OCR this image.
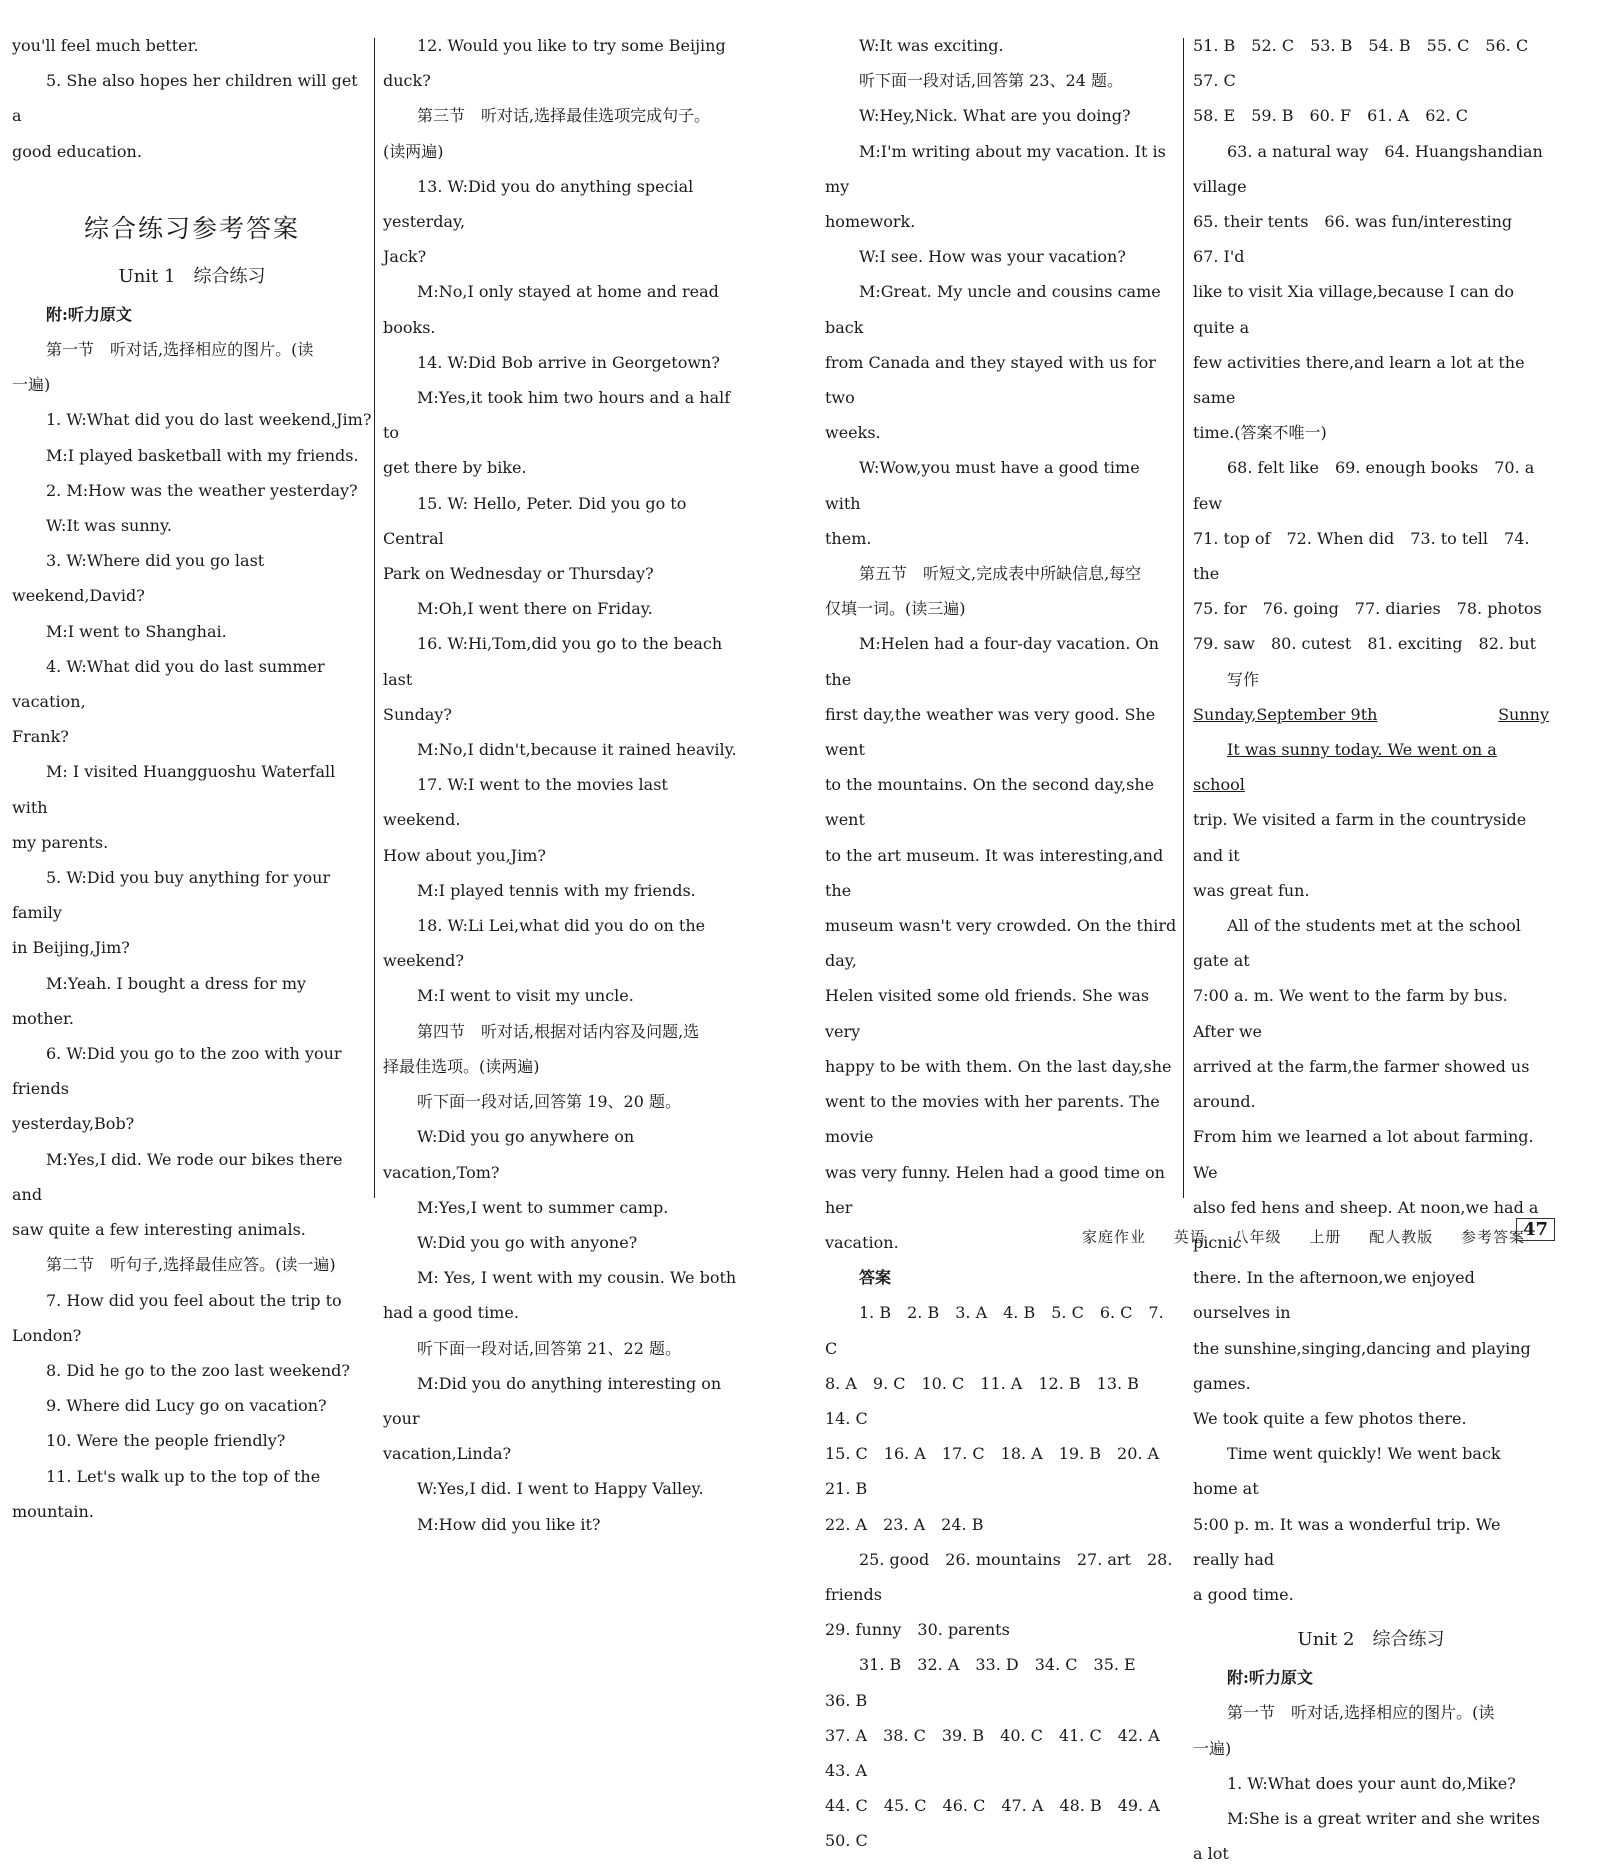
you'll feel much better.

5. She also hopes her children will get a

good education.

综合练习参考答案

Unit 1　综合练习

附:听力原文

第一节　听对话,选择相应的图片。(读

一遍)

1. W:What did you do last weekend,Jim?

M:I played basketball with my friends.

2. M:How was the weather yesterday?

W:It was sunny.

3. W:Where did you go last weekend,David?

M:I went to Shanghai.

4. W:What did you do last summer vacation,

Frank?

M: I visited Huangguoshu Waterfall with

my parents.

5. W:Did you buy anything for your family

in Beijing,Jim?

M:Yeah. I bought a dress for my mother.

6. W:Did you go to the zoo with your friends

yesterday,Bob?

M:Yes,I did. We rode our bikes there and

saw quite a few interesting animals.

第二节　听句子,选择最佳应答。(读一遍)

7. How did you feel about the trip to London?

8. Did he go to the zoo last weekend?

9. Where did Lucy go on vacation?

10. Were the people friendly?

11. Let's walk up to the top of the mountain.

12. Would you like to try some Beijing duck?

第三节　听对话,选择最佳选项完成句子。

(读两遍)

13. W:Did you do anything special yesterday,

Jack?

M:No,I only stayed at home and read books.

14. W:Did Bob arrive in Georgetown?

M:Yes,it took him two hours and a half to

get there by bike.

15. W: Hello, Peter. Did you go to Central

Park on Wednesday or Thursday?

M:Oh,I went there on Friday.

16. W:Hi,Tom,did you go to the beach last

Sunday?

M:No,I didn't,because it rained heavily.

17. W:I went to the movies last weekend.

How about you,Jim?

M:I played tennis with my friends.

18. W:Li Lei,what did you do on the weekend?

M:I went to visit my uncle.

第四节　听对话,根据对话内容及问题,选

择最佳选项。(读两遍)

听下面一段对话,回答第 19、20 题。

W:Did you go anywhere on vacation,Tom?

M:Yes,I went to summer camp.

W:Did you go with anyone?

M: Yes, I went with my cousin. We both

had a good time.

听下面一段对话,回答第 21、22 题。

M:Did you do anything interesting on your

vacation,Linda?

W:Yes,I did. I went to Happy Valley.

M:How did you like it?

W:It was exciting.

听下面一段对话,回答第 23、24 题。

W:Hey,Nick. What are you doing?

M:I'm writing about my vacation. It is my

homework.

W:I see. How was your vacation?

M:Great. My uncle and cousins came back

from Canada and they stayed with us for two

weeks.

W:Wow,you must have a good time with

them.

第五节　听短文,完成表中所缺信息,每空

仅填一词。(读三遍)

M:Helen had a four-day vacation. On the

first day,the weather was very good. She went

to the mountains. On the second day,she went

to the art museum. It was interesting,and the

museum wasn't very crowded. On the third day,

Helen visited some old friends. She was very

happy to be with them. On the last day,she

went to the movies with her parents. The movie

was very funny. Helen had a good time on her

vacation.

答案

1. B　2. B　3. A　4. B　5. C　6. C　7. C

8. A　9. C　10. C　11. A　12. B　13. B　14. C

15. C　16. A　17. C　18. A　19. B　20. A　21. B

22. A　23. A　24. B

25. good　26. mountains　27. art　28. friends

29. funny　30. parents

31. B　32. A　33. D　34. C　35. E　36. B

37. A　38. C　39. B　40. C　41. C　42. A　43. A

44. C　45. C　46. C　47. A　48. B　49. A　50. C

51. B　52. C　53. B　54. B　55. C　56. C　57. C

58. E　59. B　60. F　61. A　62. C

63. a natural way　64. Huangshandian village

65. their tents　66. was fun/interesting　67. I'd

like to visit Xia village,because I can do quite a

few activities there,and learn a lot at the same

time.(答案不唯一)

68. felt like　69. enough books　70. a few

71. top of　72. When did　73. to tell　74. the

75. for　76. going　77. diaries　78. photos

79. saw　80. cutest　81. exciting　82. but

写作

Sunday,September 9th	Sunny

It was sunny today. We went on a school

trip. We visited a farm in the countryside and it

was great fun.

All of the students met at the school gate at

7:00 a. m. We went to the farm by bus. After we

arrived at the farm,the farmer showed us around.

From him we learned a lot about farming. We

also fed hens and sheep. At noon,we had a picnic

there. In the afternoon,we enjoyed ourselves in

the sunshine,singing,dancing and playing games.

We took quite a few photos there.

Time went quickly! We went back home at

5:00 p. m. It was a wonderful trip. We really had

a good time.

Unit 2　综合练习

附:听力原文

第一节　听对话,选择相应的图片。(读

一遍)

1. W:What does your aunt do,Mike?

M:She is a great writer and she writes a lot

家庭作业 英语 八年级 上册 配人教版 参考答案
47
